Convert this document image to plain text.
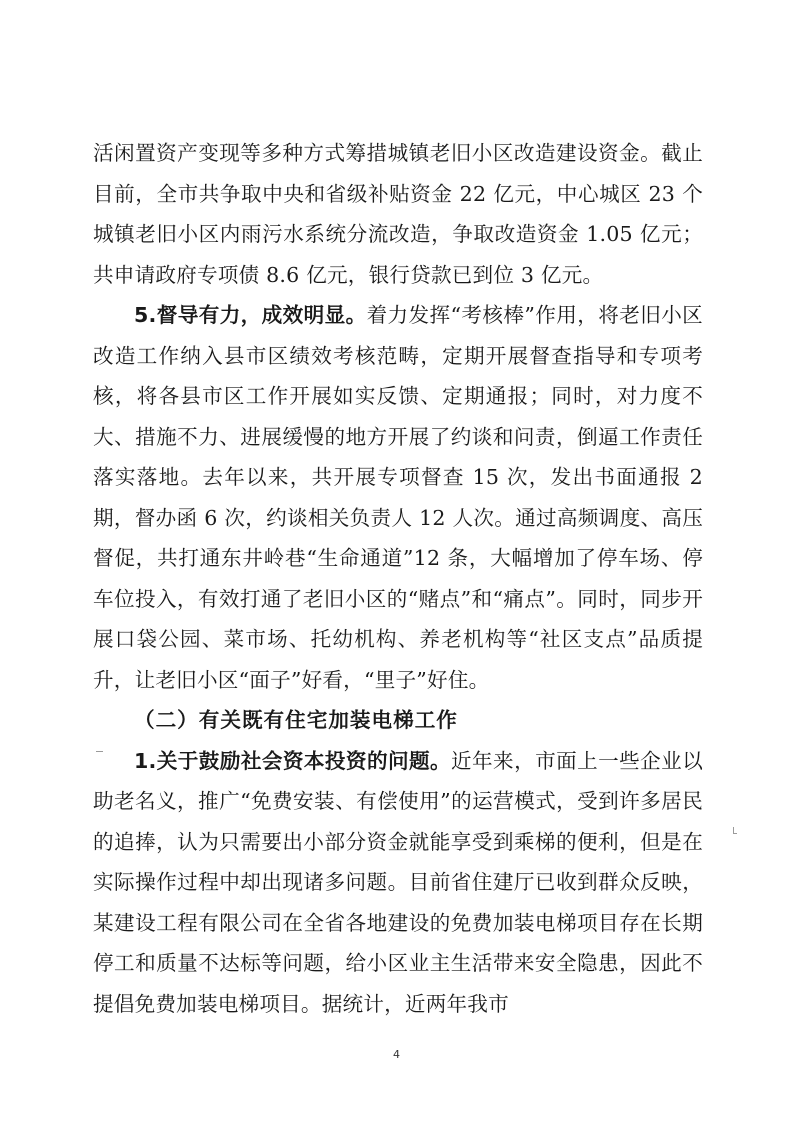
活闲置资产变现等多种方式筹措城镇老旧小区改造建设资金。截止目前，全市共争取中央和省级补贴资金 22 亿元，中心城区 23 个城镇老旧小区内雨污水系统分流改造，争取改造资金 1.05 亿元；共申请政府专项债 8.6 亿元，银行贷款已到位 3 亿元。

5.督导有力，成效明显。着力发挥“考核棒”作用，将老旧小区改造工作纳入县市区绩效考核范畴，定期开展督查指导和专项考核，将各县市区工作开展如实反馈、定期通报；同时，对力度不大、措施不力、进展缓慢的地方开展了约谈和问责，倒逼工作责任落实落地。去年以来，共开展专项督查 15 次，发出书面通报 2 期，督办函 6 次，约谈相关负责人 12 人次。通过高频调度、高压督促，共打通东井岭巷“生命通道”12 条，大幅增加了停车场、停车位投入，有效打通了老旧小区的“赌点”和“痛点”。同时，同步开展口袋公园、菜市场、托幼机构、养老机构等“社区支点”品质提升，让老旧小区“面子”好看，“里子”好住。

（二）有关既有住宅加装电梯工作

1.关于鼓励社会资本投资的问题。近年来，市面上一些企业以助老名义，推广“免费安装、有偿使用”的运营模式，受到许多居民的追捧，认为只需要出小部分资金就能享受到乘梯的便利，但是在实际操作过程中却出现诸多问题。目前省住建厅已收到群众反映，某建设工程有限公司在全省各地建设的免费加装电梯项目存在长期停工和质量不达标等问题，给小区业主生活带来安全隐患，因此不提倡免费加装电梯项目。据统计，近两年我市

4
